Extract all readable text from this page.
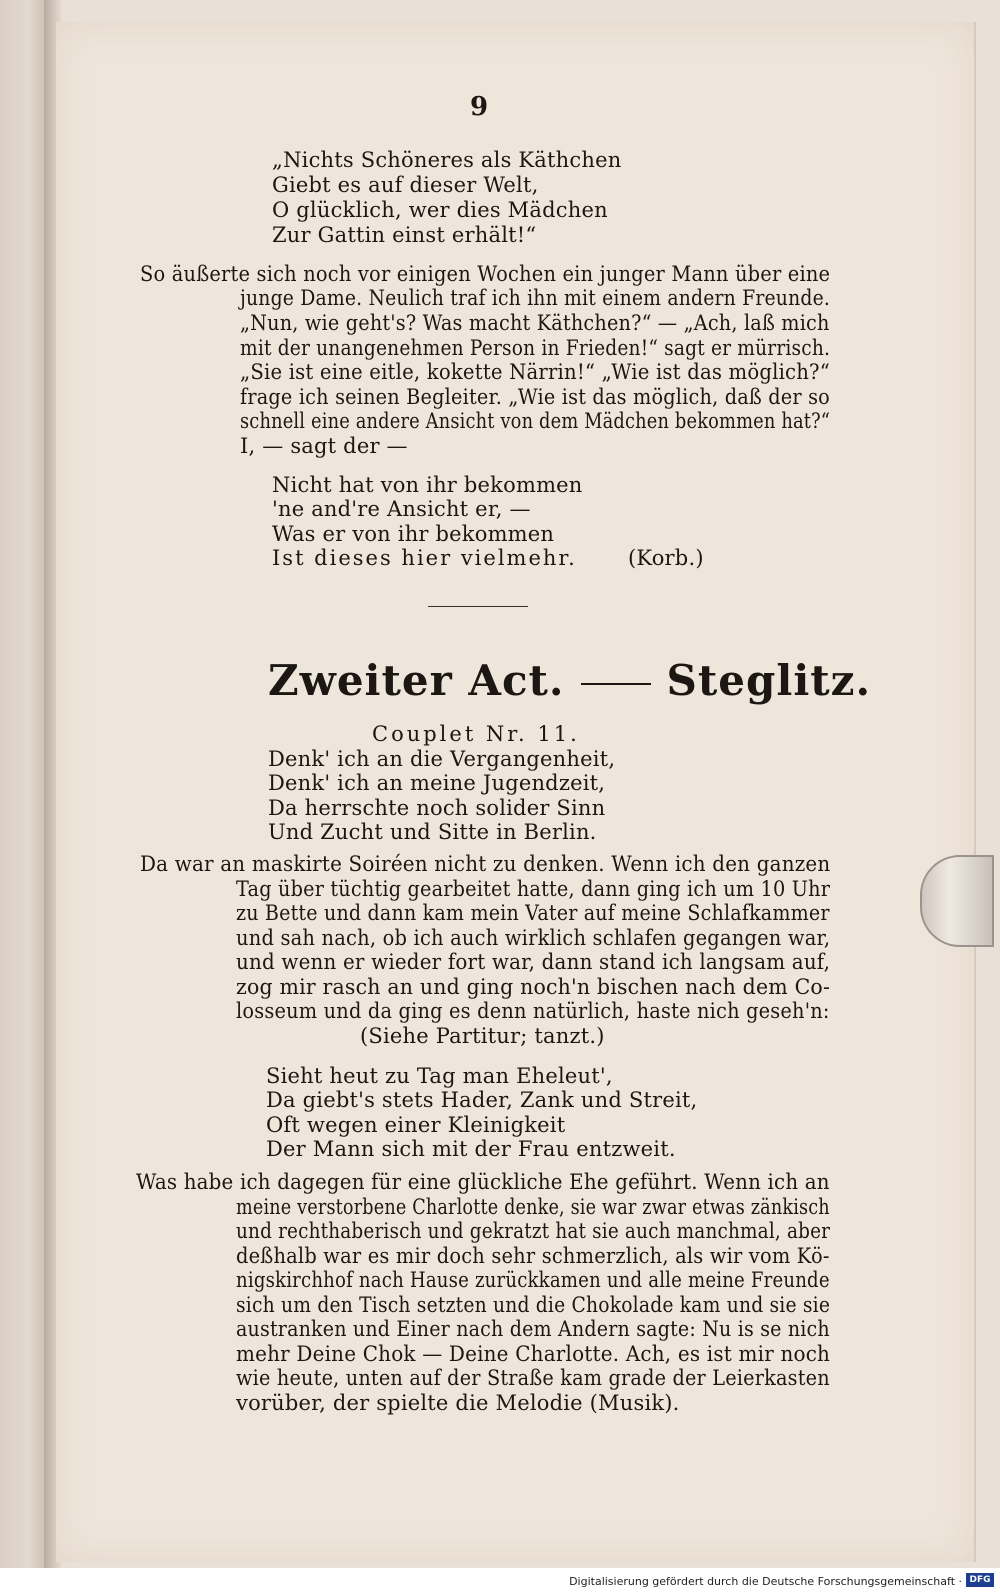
9
„Nichts Schöneres als Käthchen
Giebt es auf dieser Welt,
O glücklich, wer dies Mädchen
Zur Gattin einst erhält!“
So äußerte sich noch vor einigen Wochen ein junger Mann über eine
junge Dame. Neulich traf ich ihn mit einem andern Freunde.
„Nun, wie geht's? Was macht Käthchen?“ — „Ach, laß mich
mit der unangenehmen Person in Frieden!“ sagt er mürrisch.
„Sie ist eine eitle, kokette Närrin!“ „Wie ist das möglich?“
frage ich seinen Begleiter. „Wie ist das möglich, daß der so
schnell eine andere Ansicht von dem Mädchen bekommen hat?“
I, — sagt der —
Nicht hat von ihr bekommen
'ne and're Ansicht er, —
Was er von ihr bekommen
Ist dieses hier vielmehr. (Korb.)
Zweiter Act. Steglitz.
Couplet Nr. 11.
Denk' ich an die Vergangenheit,
Denk' ich an meine Jugendzeit,
Da herrschte noch solider Sinn
Und Zucht und Sitte in Berlin.
Da war an maskirte Soiréen nicht zu denken. Wenn ich den ganzen
Tag über tüchtig gearbeitet hatte, dann ging ich um 10 Uhr
zu Bette und dann kam mein Vater auf meine Schlafkammer
und sah nach, ob ich auch wirklich schlafen gegangen war,
und wenn er wieder fort war, dann stand ich langsam auf,
zog mir rasch an und ging noch'n bischen nach dem Co-
losseum und da ging es denn natürlich, haste nich geseh'n:
(Siehe Partitur; tanzt.)
Sieht heut zu Tag man Eheleut',
Da giebt's stets Hader, Zank und Streit,
Oft wegen einer Kleinigkeit
Der Mann sich mit der Frau entzweit.
Was habe ich dagegen für eine glückliche Ehe geführt. Wenn ich an
meine verstorbene Charlotte denke, sie war zwar etwas zänkisch
und rechthaberisch und gekratzt hat sie auch manchmal, aber
deßhalb war es mir doch sehr schmerzlich, als wir vom Kö-
nigskirchhof nach Hause zurückkamen und alle meine Freunde
sich um den Tisch setzten und die Chokolade kam und sie sie
austranken und Einer nach dem Andern sagte: Nu is se nich
mehr Deine Chok — Deine Charlotte. Ach, es ist mir noch
wie heute, unten auf der Straße kam grade der Leierkasten
vorüber, der spielte die Melodie (Musik).
Digitalisierung gefördert durch die Deutsche Forschungsgemeinschaft · DFG
